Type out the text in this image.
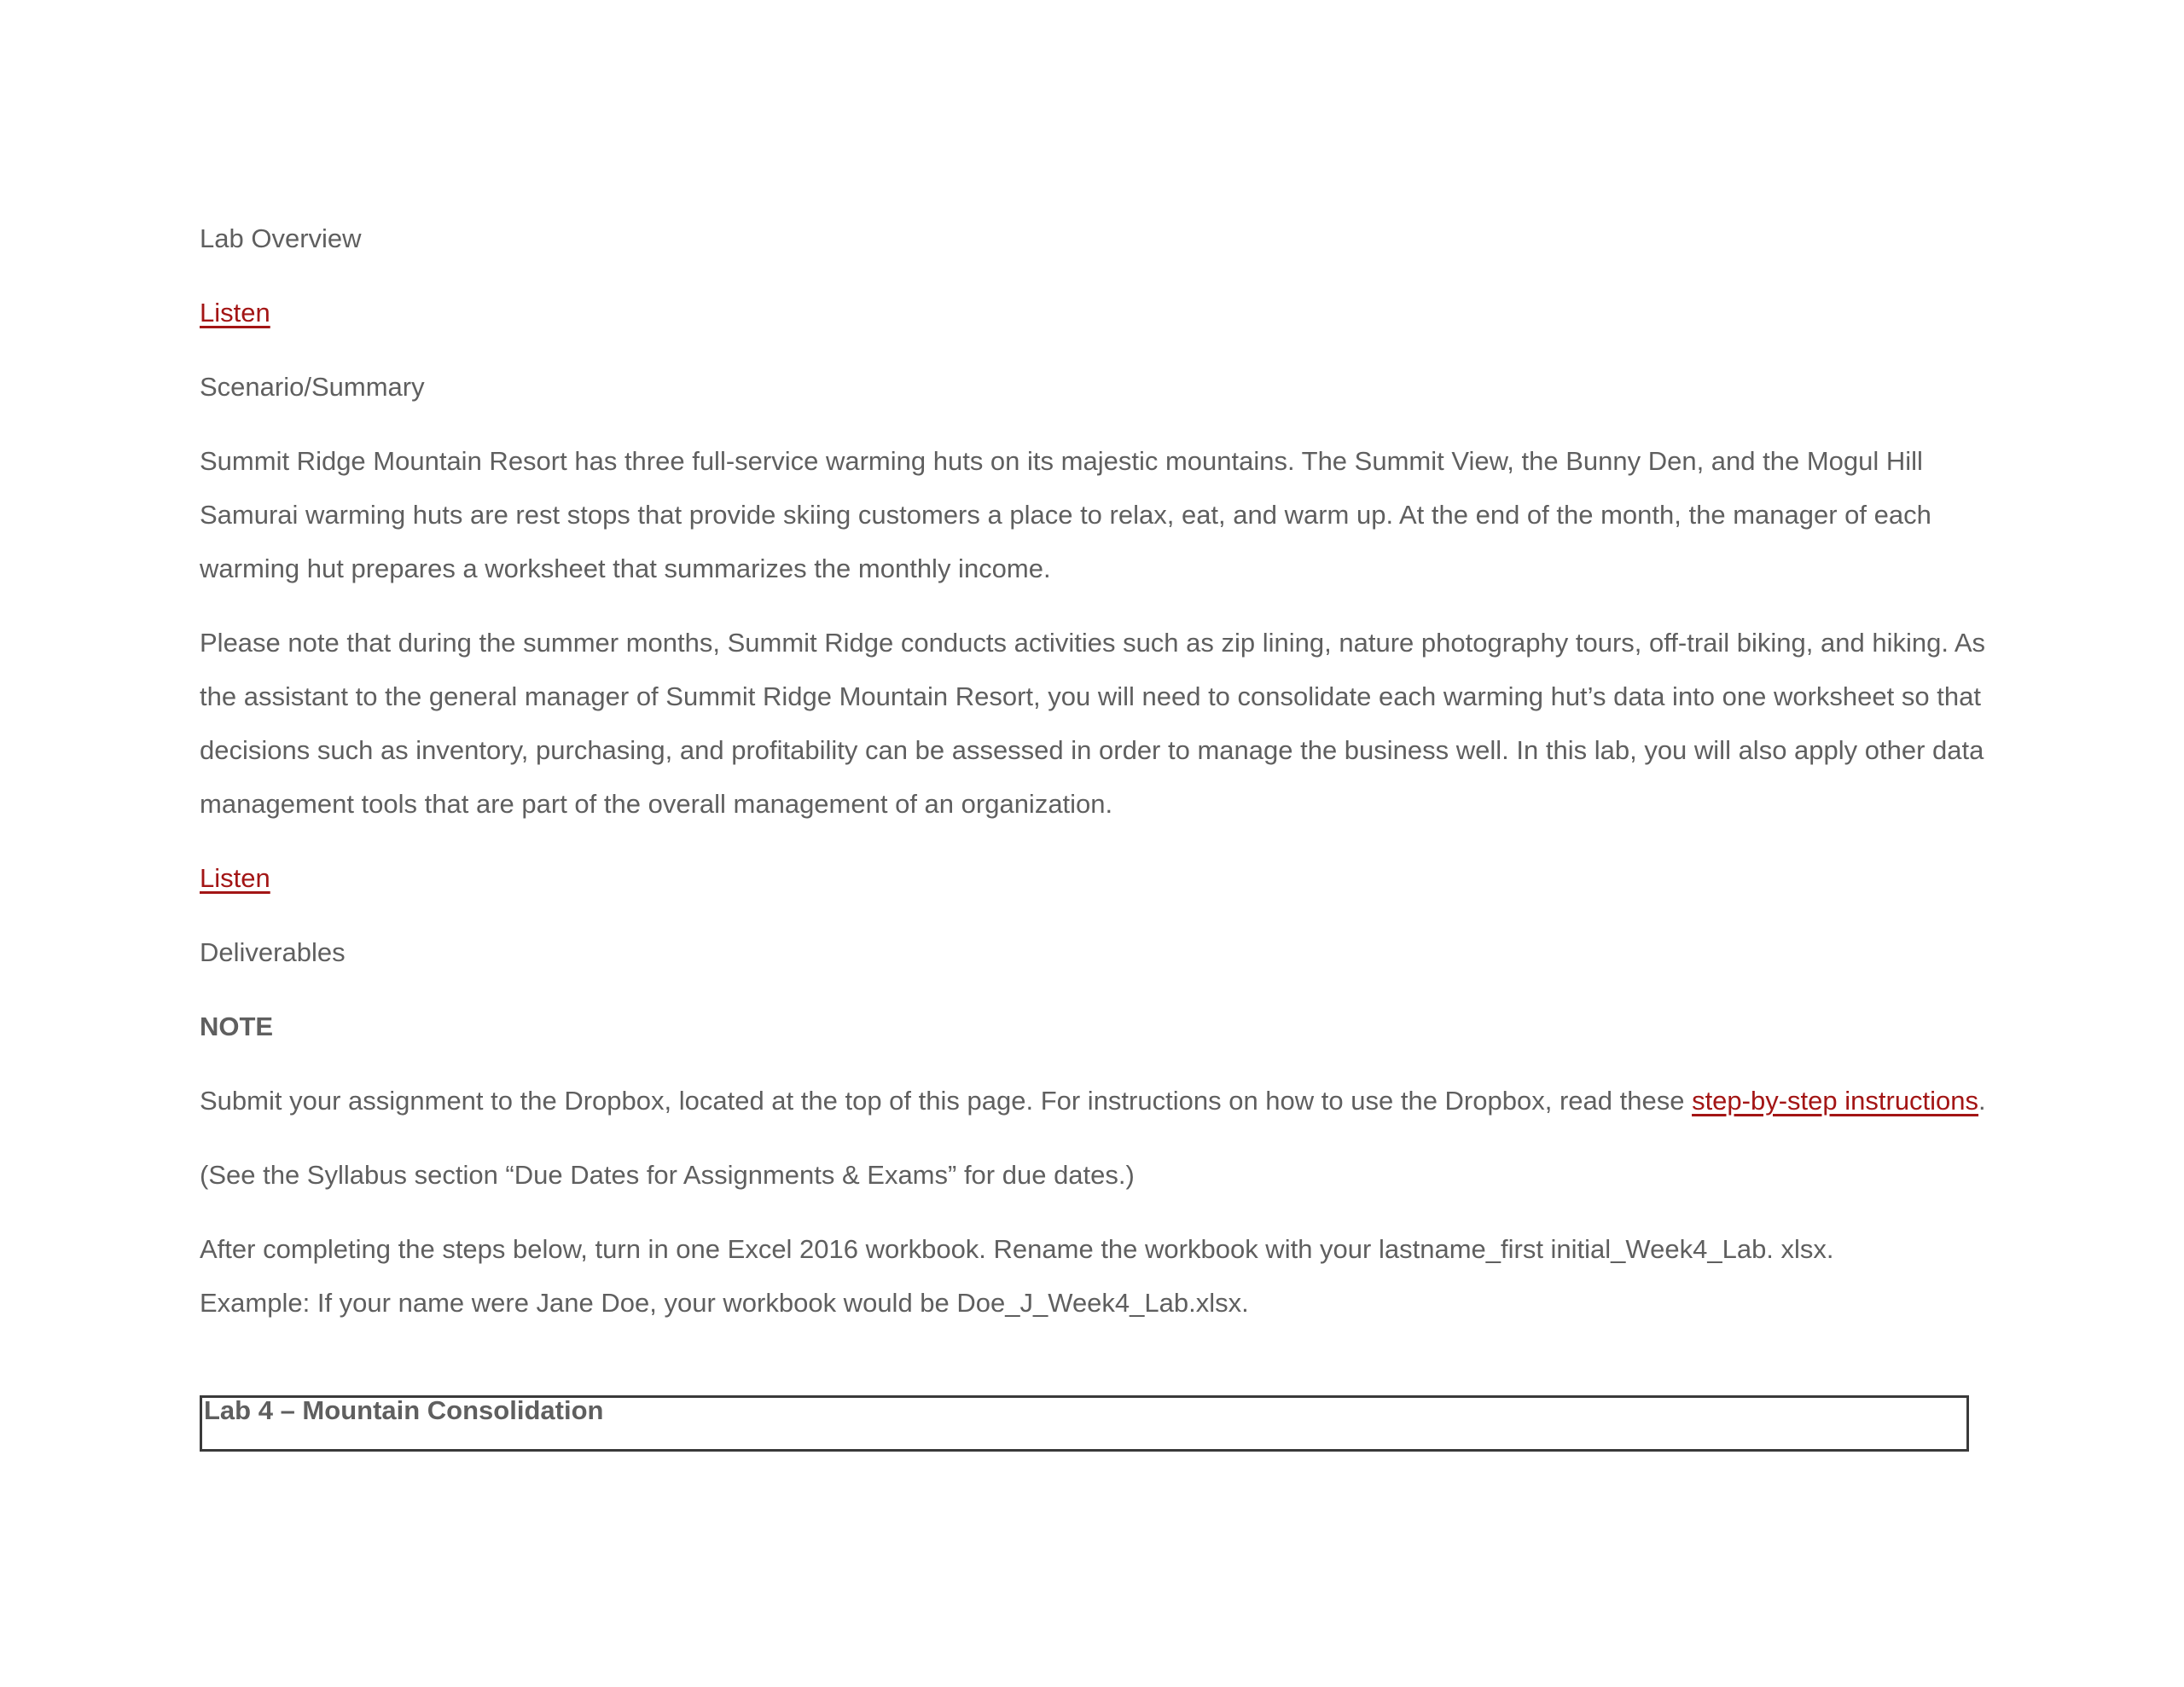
Lab Overview

Listen

Scenario/Summary

Summit Ridge Mountain Resort has three full-service warming huts on its majestic mountains. The Summit View, the Bunny Den, and the Mogul Hill Samurai warming huts are rest stops that provide skiing customers a place to relax, eat, and warm up. At the end of the month, the manager of each warming hut prepares a worksheet that summarizes the monthly income.

Please note that during the summer months, Summit Ridge conducts activities such as zip lining, nature photography tours, off-trail biking, and hiking. As the assistant to the general manager of Summit Ridge Mountain Resort, you will need to consolidate each warming hut’s data into one worksheet so that decisions such as inventory, purchasing, and profitability can be assessed in order to manage the business well. In this lab, you will also apply other data management tools that are part of the overall management of an organization.

Listen

Deliverables

NOTE

Submit your assignment to the Dropbox, located at the top of this page. For instructions on how to use the Dropbox, read these step-by-step instructions.

(See the Syllabus section “Due Dates for Assignments & Exams” for due dates.)

After completing the steps below, turn in one Excel 2016 workbook. Rename the workbook with your lastname_first initial_Week4_Lab. xlsx.

Example: If your name were Jane Doe, your workbook would be Doe_J_Week4_Lab.xlsx.

Lab 4 – Mountain Consolidation
